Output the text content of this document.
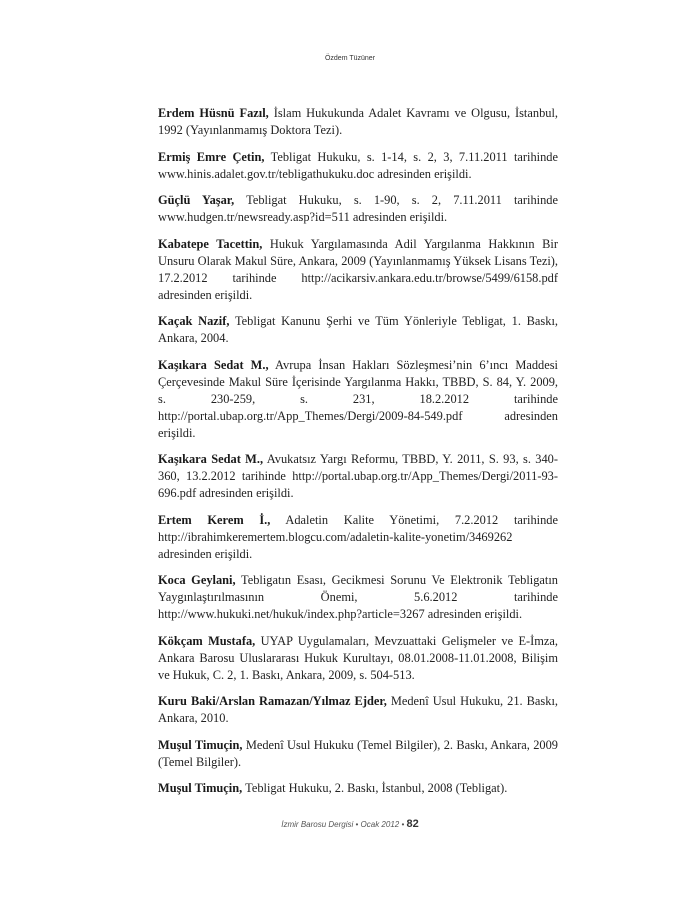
Özdem Tüzüner

Erdem Hüsnü Fazıl, İslam Hukukunda Adalet Kavramı ve Olgusu, İstanbul, 1992 (Yayınlanmamış Doktora Tezi).

Ermiş Emre Çetin, Tebligat Hukuku, s. 1-14, s. 2, 3, 7.11.2011 tarihinde www.hinis.adalet.gov.tr/tebligathukuku.doc adresinden erişildi.

Güçlü Yaşar, Tebligat Hukuku, s. 1-90, s. 2, 7.11.2011 tarihinde www.hudgen.tr/newsready.asp?id=511 adresinden erişildi.

Kabatepe Tacettin, Hukuk Yargılamasında Adil Yargılanma Hakkının Bir Unsuru Olarak Makul Süre, Ankara, 2009 (Yayınlanmamış Yüksek Lisans Tezi), 17.2.2012 tarihinde http://acikarsiv.ankara.edu.tr/browse/5499/6158.pdf adresinden erişildi.

Kaçak Nazif, Tebligat Kanunu Şerhi ve Tüm Yönleriyle Tebligat, 1. Baskı, Ankara, 2004.

Kaşıkara Sedat M., Avrupa İnsan Hakları Sözleşmesi’nin 6’ıncı Maddesi Çerçevesinde Makul Süre İçerisinde Yargılanma Hakkı, TBBD, S. 84, Y. 2009, s. 230-259, s. 231, 18.2.2012 tarihinde http://portal.ubap.org.tr/App_Themes/Dergi/2009-84-549.pdf adresinden erişildi.

Kaşıkara Sedat M., Avukatsız Yargı Reformu, TBBD, Y. 2011, S. 93, s. 340-360, 13.2.2012 tarihinde http://portal.ubap.org.tr/App_Themes/Dergi/2011-93-696.pdf adresinden erişildi.

Ertem Kerem İ., Adaletin Kalite Yönetimi, 7.2.2012 tarihinde http://ibrahimkeremertem.blogcu.com/adaletin-kalite-yonetim/3469262 adresinden erişildi.

Koca Geylani, Tebligatın Esası, Gecikmesi Sorunu Ve Elektronik Tebligatın Yaygınlaştırılmasının Önemi, 5.6.2012 tarihinde http://www.hukuki.net/hukuk/index.php?article=3267 adresinden erişildi.

Kökçam Mustafa, UYAP Uygulamaları, Mevzuattaki Gelişmeler ve E-İmza, Ankara Barosu Uluslararası Hukuk Kurultayı, 08.01.2008-11.01.2008, Bilişim ve Hukuk, C. 2, 1. Baskı, Ankara, 2009, s. 504-513.

Kuru Baki/Arslan Ramazan/Yılmaz Ejder, Medenî Usul Hukuku, 21. Baskı, Ankara, 2010.

Muşul Timuçin, Medenî Usul Hukuku (Temel Bilgiler), 2. Baskı, Ankara, 2009 (Temel Bilgiler).

Muşul Timuçin, Tebligat Hukuku, 2. Baskı, İstanbul, 2008 (Tebligat).

İzmir Barosu Dergisi • Ocak 2012 • 82
